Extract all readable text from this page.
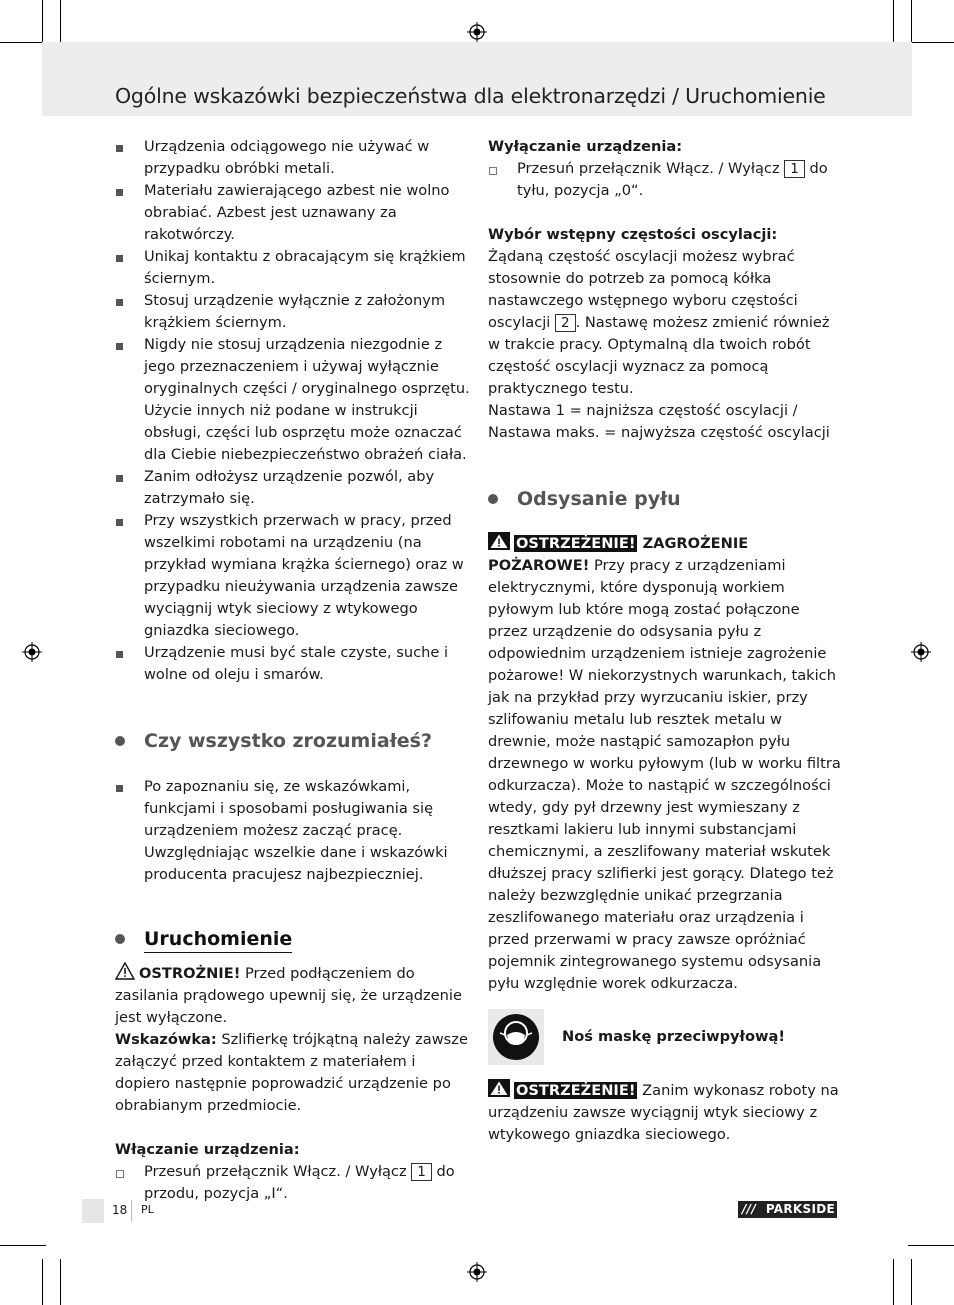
Ogólne wskazówki bezpieczeństwa dla elektronarzędzi / Uruchomienie
Urządzenia odciągowego nie używać w przypadku obróbki metali.
Materiału zawierającego azbest nie wolno obrabiać. Azbest jest uznawany za rakotwórczy.
Unikaj kontaktu z obracającym się krążkiem ściernym.
Stosuj urządzenie wyłącznie z założonym krążkiem ściernym.
Nigdy nie stosuj urządzenia niezgodnie z jego przeznaczeniem i używaj wyłącznie oryginalnych części / oryginalnego osprzętu. Użycie innych niż podane w instrukcji obsługi, części lub osprzętu może oznaczać dla Ciebie niebezpieczeństwo obrażeń ciała.
Zanim odłożysz urządzenie pozwól, aby zatrzymało się.
Przy wszystkich przerwach w pracy, przed wszelkimi robotami na urządzeniu (na przykład wymiana krążka ściernego) oraz w przypadku nieużywania urządzenia zawsze wyciągnij wtyk sieciowy z wtykowego gniazdka sieciowego.
Urządzenie musi być stale czyste, suche i wolne od oleju i smarów.
Czy wszystko zrozumiałeś?
Po zapoznaniu się, ze wskazówkami, funkcjami i sposobami posługiwania się urządzeniem możesz zacząć pracę. Uwzględniając wszelkie dane i wskazówki producenta pracujesz najbezpieczniej.
Uruchomienie
OSTROŻNIE! Przed podłączeniem do zasilania prądowego upewnij się, że urządzenie jest wyłączone.
Wskazówka: Szlifierkę trójkątną należy zawsze załączyć przed kontaktem z materiałem i dopiero następnie poprowadzić urządzenie po obrabianym przedmiocie.
Włączanie urządzenia:
Przesuń przełącznik Włącz. / Wyłącz 1 do przodu, pozycja „I“.
Wyłączanie urządzenia:
Przesuń przełącznik Włącz. / Wyłącz 1 do tyłu, pozycja „0“.
Wybór wstępny częstości oscylacji:
Żądaną częstość oscylacji możesz wybrać stosownie do potrzeb za pomocą kółka nastawczego wstępnego wyboru częstości oscylacji 2 . Nastawę możesz zmienić również w trakcie pracy. Optymalną dla twoich robót częstość oscylacji wyznacz za pomocą praktycznego testu.
Nastawa 1 = najniższa częstość oscylacji /
Nastawa maks. = najwyższa częstość oscylacji
Odsysanie pyłu
OSTRZEŻENIE! ZAGROŻENIE POŻAROWE! Przy pracy z urządzeniami elektrycznymi, które dysponują workiem pyłowym lub które mogą zostać połączone przez urządzenie do odsysania pyłu z odpowiednim urządzeniem istnieje zagrożenie pożarowe! W niekorzystnych warunkach, takich jak na przykład przy wyrzucaniu iskier, przy szlifowaniu metalu lub resztek metalu w drewnie, może nastąpić samozapłon pyłu drzewnego w worku pyłowym (lub w worku filtra odkurzacza). Może to nastąpić w szczególności wtedy, gdy pył drzewny jest wymieszany z resztkami lakieru lub innymi substancjami chemicznymi, a zeszlifowany materiał wskutek dłuższej pracy szlifierki jest gorący. Dlatego też należy bezwzględnie unikać przegrzania zeszlifowanego materiału oraz urządzenia i przed przerwami w pracy zawsze opróżniać pojemnik zintegrowanego systemu odsysania pyłu względnie worek odkurzacza.
Noś maskę przeciwpyłową!
OSTRZEŻENIE! Zanim wykonasz roboty na urządzeniu zawsze wyciągnij wtyk sieciowy z wtykowego gniazdka sieciowego.
18 PL	/// PARKSIDE
